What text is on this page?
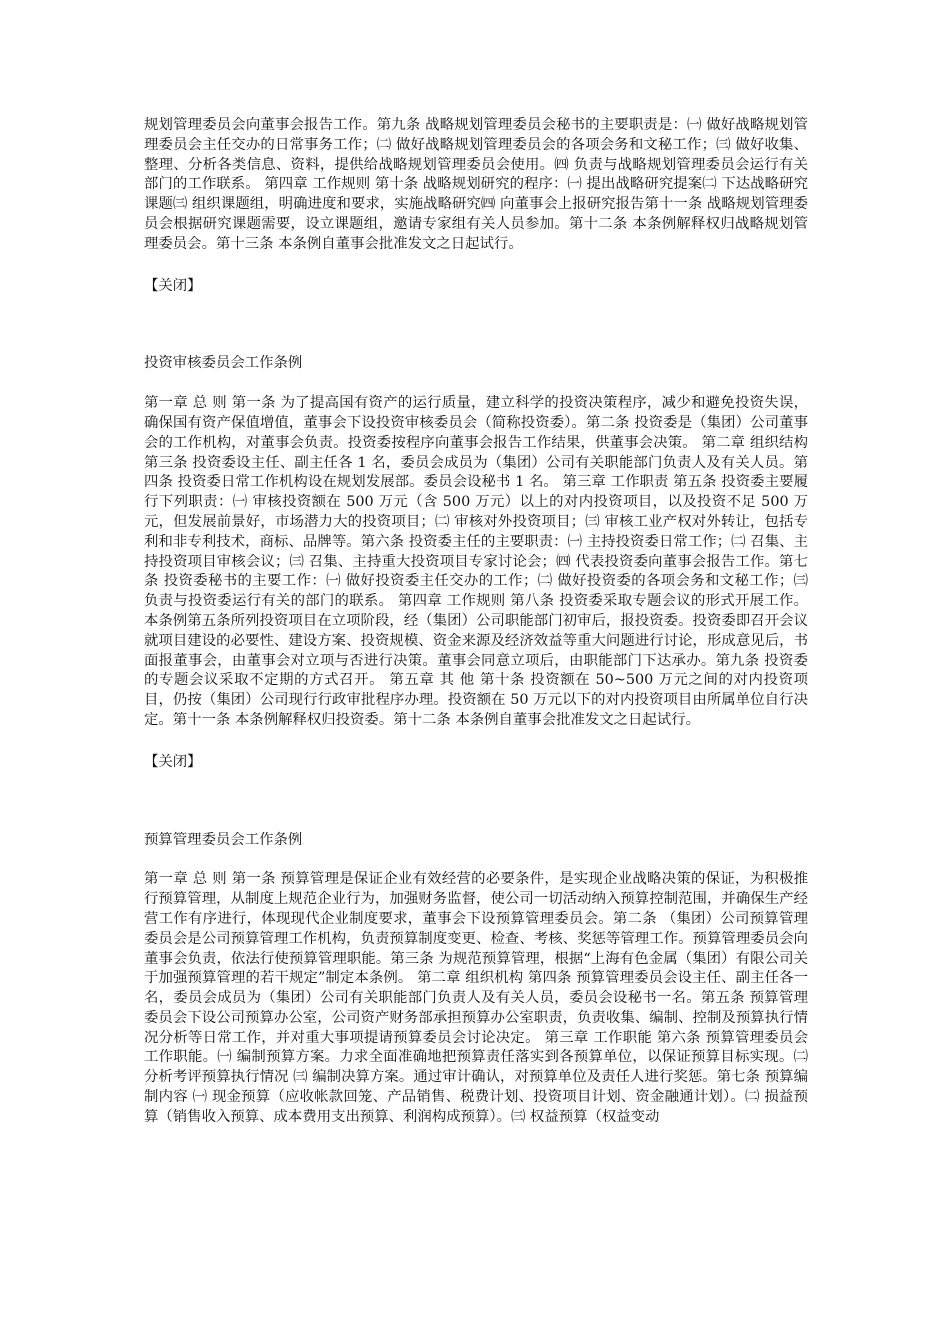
规划管理委员会向董事会报告工作。第九条 战略规划管理委员会秘书的主要职责是：㈠ 做好战略规划管理委员会主任交办的日常事务工作；㈡ 做好战略规划管理委员会的各项会务和文秘工作；㈢ 做好收集、整理、分析各类信息、资料，提供给战略规划管理委员会使用。㈣ 负责与战略规划管理委员会运行有关部门的工作联系。 第四章 工作规则 第十条 战略规划研究的程序：㈠ 提出战略研究提案㈡ 下达战略研究课题㈢ 组织课题组，明确进度和要求，实施战略研究㈣ 向董事会上报研究报告第十一条 战略规划管理委员会根据研究课题需要，设立课题组，邀请专家组有关人员参加。第十二条 本条例解释权归战略规划管理委员会。第十三条 本条例自董事会批准发文之日起试行。

【关闭】

投资审核委员会工作条例

第一章 总 则 第一条 为了提高国有资产的运行质量，建立科学的投资决策程序，减少和避免投资失误，确保国有资产保值增值，董事会下设投资审核委员会（简称投资委）。第二条 投资委是（集团）公司董事会的工作机构，对董事会负责。投资委按程序向董事会报告工作结果，供董事会决策。 第二章 组织结构 第三条 投资委设主任、副主任各 1 名，委员会成员为（集团）公司有关职能部门负责人及有关人员。第四条 投资委日常工作机构设在规划发展部。委员会设秘书 1 名。 第三章 工作职责 第五条 投资委主要履行下列职责：㈠ 审核投资额在 500 万元（含 500 万元）以上的对内投资项目，以及投资不足 500 万元，但发展前景好，市场潜力大的投资项目；㈡ 审核对外投资项目；㈢ 审核工业产权对外转让，包括专利和非专利技术，商标、品牌等。第六条 投资委主任的主要职责：㈠ 主持投资委日常工作；㈡ 召集、主持投资项目审核会议；㈢ 召集、主持重大投资项目专家讨论会；㈣ 代表投资委向董事会报告工作。第七条 投资委秘书的主要工作：㈠ 做好投资委主任交办的工作；㈡ 做好投资委的各项会务和文秘工作；㈢ 负责与投资委运行有关的部门的联系。 第四章 工作规则 第八条 投资委采取专题会议的形式开展工作。本条例第五条所列投资项目在立项阶段，经（集团）公司职能部门初审后，报投资委。投资委即召开会议就项目建设的必要性、建设方案、投资规模、资金来源及经济效益等重大问题进行讨论，形成意见后，书面报董事会，由董事会对立项与否进行决策。董事会同意立项后，由职能部门下达承办。第九条 投资委的专题会议采取不定期的方式召开。 第五章 其 他 第十条 投资额在 50~500 万元之间的对内投资项目，仍按（集团）公司现行行政审批程序办理。投资额在 50 万元以下的对内投资项目由所属单位自行决定。第十一条 本条例解释权归投资委。第十二条 本条例自董事会批准发文之日起试行。

【关闭】

预算管理委员会工作条例

第一章 总 则 第一条 预算管理是保证企业有效经营的必要条件，是实现企业战略决策的保证，为积极推行预算管理，从制度上规范企业行为，加强财务监督，使公司一切活动纳入预算控制范围，并确保生产经营工作有序进行，体现现代企业制度要求，董事会下设预算管理委员会。第二条 （集团）公司预算管理委员会是公司预算管理工作机构，负责预算制度变更、检查、考核、奖惩等管理工作。预算管理委员会向董事会负责，依法行使预算管理职能。第三条 为规范预算管理，根据“上海有色金属（集团）有限公司关于加强预算管理的若干规定”制定本条例。 第二章 组织机构 第四条 预算管理委员会设主任、副主任各一名，委员会成员为（集团）公司有关职能部门负责人及有关人员，委员会设秘书一名。第五条 预算管理委员会下设公司预算办公室，公司资产财务部承担预算办公室职责，负责收集、编制、控制及预算执行情况分析等日常工作，并对重大事项提请预算委员会讨论决定。 第三章 工作职能 第六条 预算管理委员会工作职能。㈠ 编制预算方案。力求全面准确地把预算责任落实到各预算单位，以保证预算目标实现。㈡ 分析考评预算执行情况 ㈢ 编制决算方案。通过审计确认，对预算单位及责任人进行奖惩。第七条 预算编制内容 ㈠ 现金预算（应收帐款回笼、产品销售、税费计划、投资项目计划、资金融通计划）。㈡ 损益预算（销售收入预算、成本费用支出预算、利润构成预算）。㈢ 权益预算（权益变动
